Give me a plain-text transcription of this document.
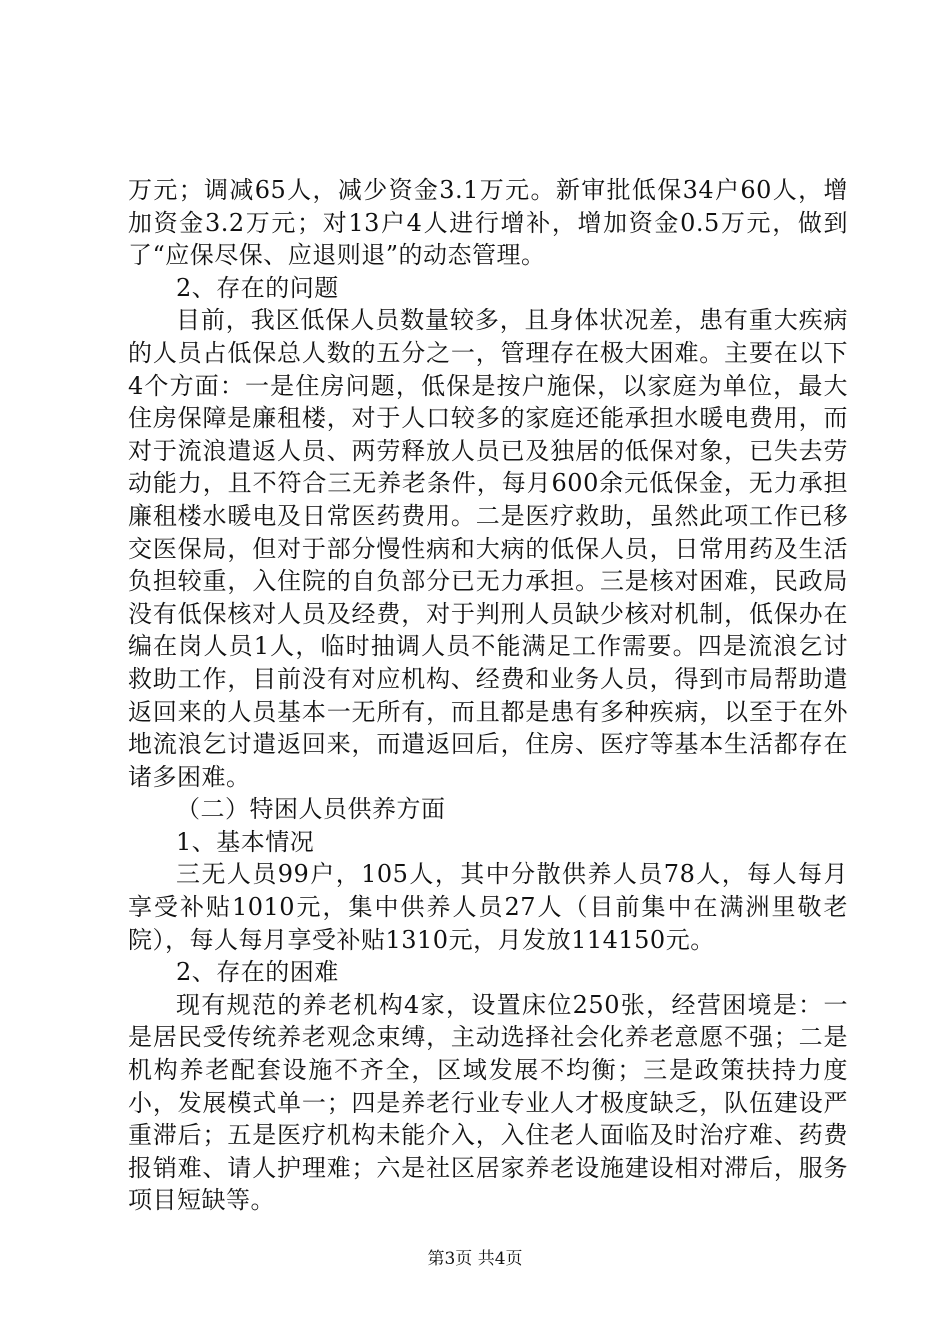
万元；调减65人，减少资金3.1万元。新审批低保34户60人，增加资金3.2万元；对13户4人进行增补，增加资金0.5万元，做到了“应保尽保、应退则退”的动态管理。

2、存在的问题

目前，我区低保人员数量较多，且身体状况差，患有重大疾病的人员占低保总人数的五分之一，管理存在极大困难。主要在以下4个方面：一是住房问题，低保是按户施保，以家庭为单位，最大住房保障是廉租楼，对于人口较多的家庭还能承担水暖电费用，而对于流浪遣返人员、两劳释放人员已及独居的低保对象，已失去劳动能力，且不符合三无养老条件，每月600余元低保金，无力承担廉租楼水暖电及日常医药费用。二是医疗救助，虽然此项工作已移交医保局，但对于部分慢性病和大病的低保人员，日常用药及生活负担较重，入住院的自负部分已无力承担。三是核对困难，民政局没有低保核对人员及经费，对于判刑人员缺少核对机制，低保办在编在岗人员1人，临时抽调人员不能满足工作需要。四是流浪乞讨救助工作，目前没有对应机构、经费和业务人员，得到市局帮助遣返回来的人员基本一无所有，而且都是患有多种疾病，以至于在外地流浪乞讨遣返回来，而遣返回后，住房、医疗等基本生活都存在诸多困难。

（二）特困人员供养方面

1、基本情况

三无人员99户，105人，其中分散供养人员78人，每人每月享受补贴1010元，集中供养人员27人（目前集中在满洲里敬老院），每人每月享受补贴1310元，月发放114150元。

2、存在的困难

现有规范的养老机构4家，设置床位250张，经营困境是：一是居民受传统养老观念束缚，主动选择社会化养老意愿不强；二是机构养老配套设施不齐全，区域发展不均衡；三是政策扶持力度小，发展模式单一；四是养老行业专业人才极度缺乏，队伍建设严重滞后；五是医疗机构未能介入，入住老人面临及时治疗难、药费报销难、请人护理难；六是社区居家养老设施建设相对滞后，服务项目短缺等。

第3页 共4页
